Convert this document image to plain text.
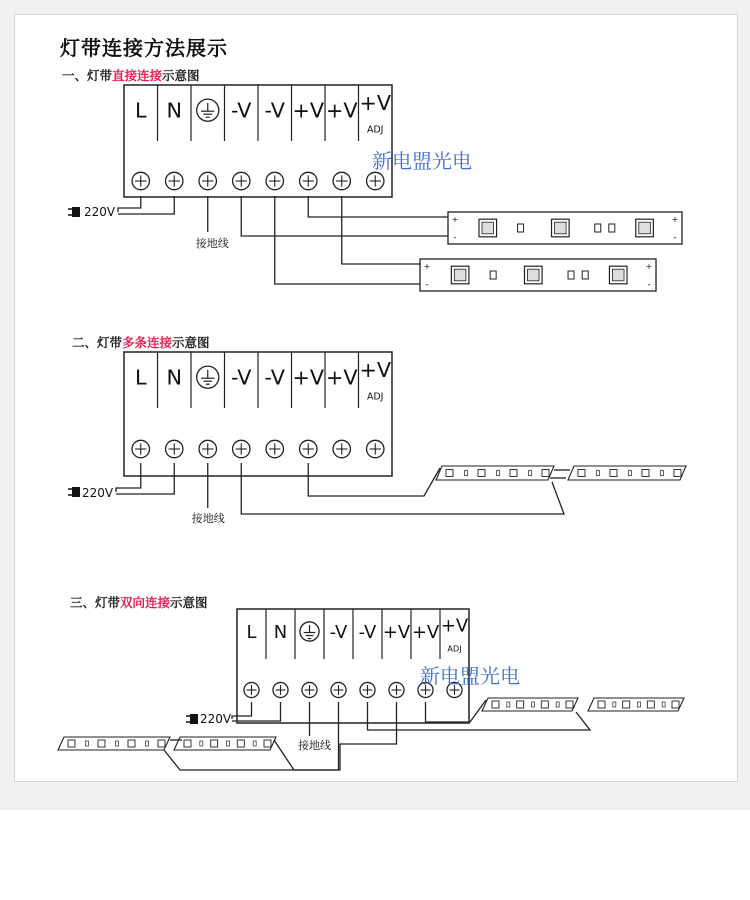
灯带连接方法展示
一、灯带直接连接示意图
二、灯带多条连接示意图
三、灯带双向连接示意图
L N -V -V +V +V +V
ADJ
220V
接地线
+
-
+
-
+
-
+
-
L N -V -V +V +V +V
ADJ
220V
接地线
L N -V -V +V +V +V
ADJ
220V
接地线
新电盟光电
新电盟光电
